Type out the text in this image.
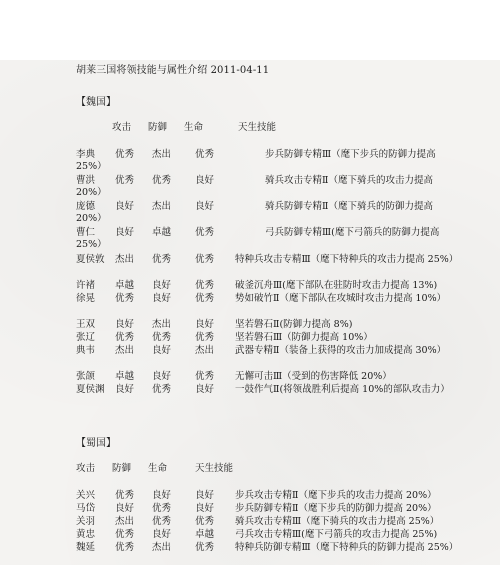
胡莱三国将领技能与属性介绍 2011-04-11
【魏国】
攻击 防御 生命	天生技能
李典 优秀 杰出	优秀	步兵防御专精Ⅲ（麾下步兵的防御力提高
25%）
曹洪 优秀 优秀	良好	骑兵攻击专精Ⅱ（麾下骑兵的攻击力提高
20%）
庞德 良好 杰出	良好	骑兵防御专精Ⅱ（麾下骑兵的防御力提高
20%）
曹仁 良好 卓越	优秀	弓兵防御专精Ⅲ(麾下弓箭兵的防御力提高
25%）
夏侯敦 杰出 优秀	优秀 特种兵攻击专精Ⅲ（麾下特种兵的攻击力提高 25%）
许褚 卓越 良好	优秀 破釜沉舟Ⅲ(麾下部队在驻防时攻击力提高 13%)
徐晃 优秀 良好	优秀 势如破竹Ⅱ（麾下部队在攻城时攻击力提高 10%）
王双 良好 杰出	良好 坚若磐石Ⅱ(防御力提高 8%)
张辽 优秀 优秀	优秀 坚若磐石Ⅲ（防御力提高 10%）
典韦 杰出 良好	杰出 武器专精Ⅱ（装备上获得的攻击力加成提高 30%）
张颌 卓越 良好	优秀 无懈可击Ⅲ（受到的伤害降低 20%）
夏侯渊 良好 优秀	良好 一鼓作气Ⅱ(将领战胜利后提高 10%的部队攻击力）
【蜀国】
攻击 防御 生命	天生技能
关兴 优秀 良好	良好 步兵攻击专精Ⅱ（麾下步兵的攻击力提高 20%）
马岱 良好 优秀	良好 步兵防御专精Ⅱ（麾下步兵的防御力提高 20%）
关羽 杰出 优秀	优秀 骑兵攻击专精Ⅲ（麾下骑兵的攻击力提高 25%）
黄忠 优秀 良好	卓越 弓兵攻击专精Ⅲ(麾下弓箭兵的攻击力提高 25%)
魏延 优秀 杰出	优秀 特种兵防御专精Ⅲ（麾下特种兵的防御力提高 25%）
